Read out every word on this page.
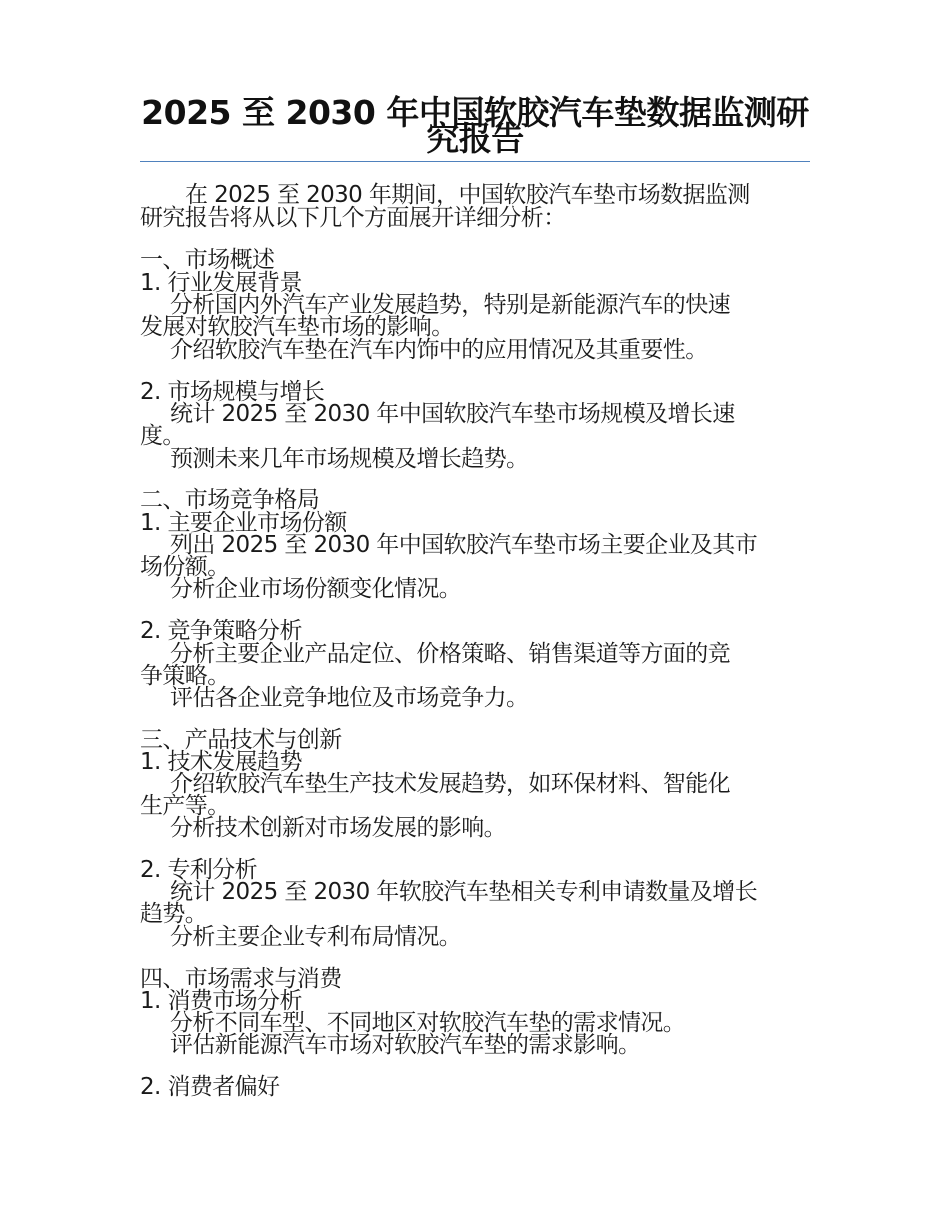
2025 至 2030 年中国软胶汽车垫数据监测研究报告
在 2025 至 2030 年期间，中国软胶汽车垫市场数据监测
研究报告将从以下几个方面展开详细分析：
一、市场概述
1. 行业发展背景
分析国内外汽车产业发展趋势，特别是新能源汽车的快速
发展对软胶汽车垫市场的影响。
介绍软胶汽车垫在汽车内饰中的应用情况及其重要性。
2. 市场规模与增长
统计 2025 至 2030 年中国软胶汽车垫市场规模及增长速
度。
预测未来几年市场规模及增长趋势。
二、市场竞争格局
1. 主要企业市场份额
列出 2025 至 2030 年中国软胶汽车垫市场主要企业及其市
场份额。
分析企业市场份额变化情况。
2. 竞争策略分析
分析主要企业产品定位、价格策略、销售渠道等方面的竞
争策略。
评估各企业竞争地位及市场竞争力。
三、产品技术与创新
1. 技术发展趋势
介绍软胶汽车垫生产技术发展趋势，如环保材料、智能化
生产等。
分析技术创新对市场发展的影响。
2. 专利分析
统计 2025 至 2030 年软胶汽车垫相关专利申请数量及增长
趋势。
分析主要企业专利布局情况。
四、市场需求与消费
1. 消费市场分析
分析不同车型、不同地区对软胶汽车垫的需求情况。
评估新能源汽车市场对软胶汽车垫的需求影响。
2. 消费者偏好
